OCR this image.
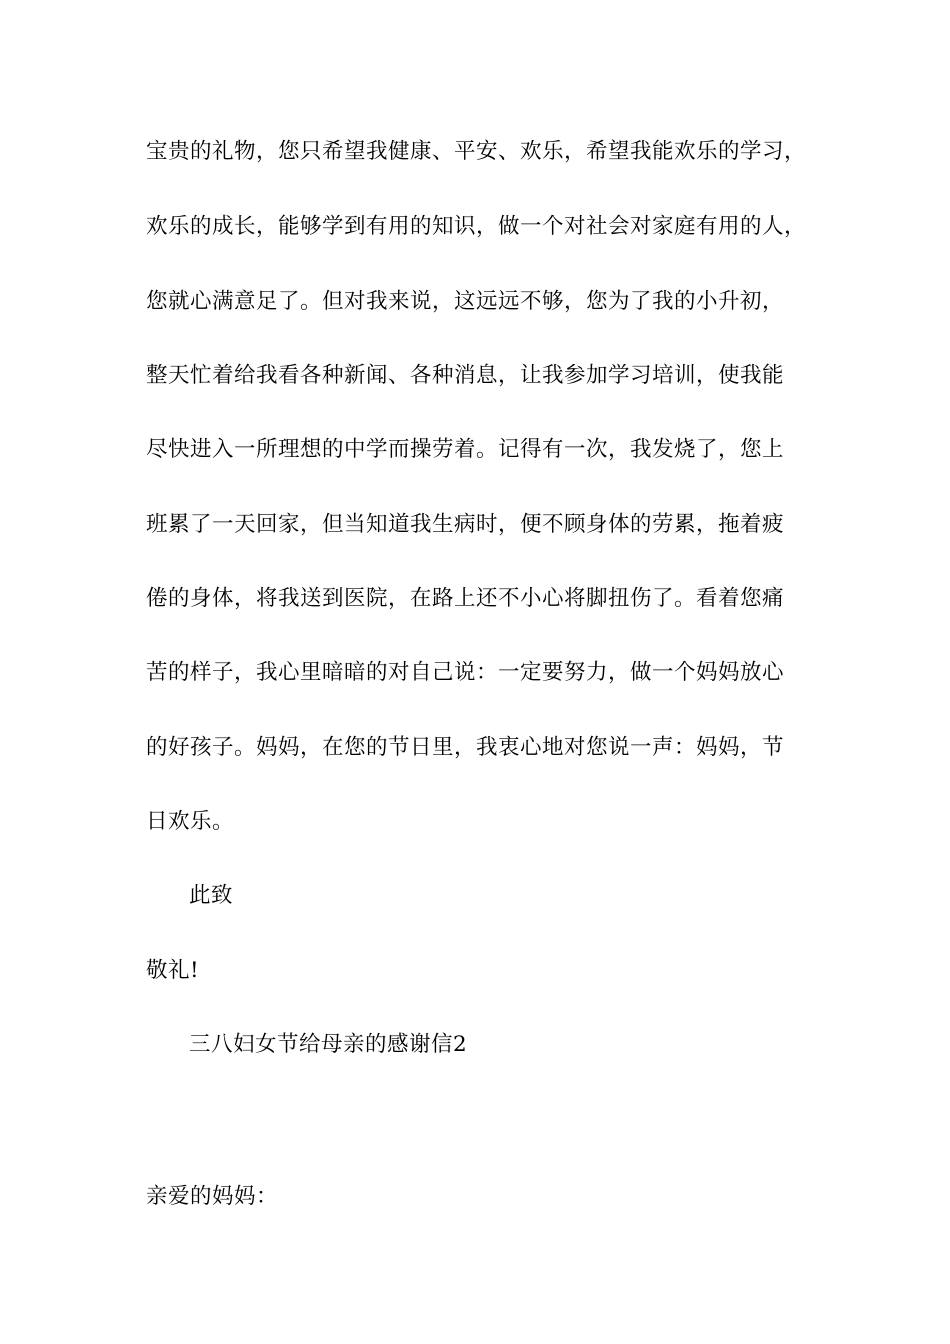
宝贵的礼物，您只希望我健康、平安、欢乐，希望我能欢乐的学习，
欢乐的成长，能够学到有用的知识，做一个对社会对家庭有用的人，
您就心满意足了。但对我来说，这远远不够，您为了我的小升初，
整天忙着给我看各种新闻、各种消息，让我参加学习培训，使我能
尽快进入一所理想的中学而操劳着。记得有一次，我发烧了，您上
班累了一天回家，但当知道我生病时，便不顾身体的劳累，拖着疲
倦的身体，将我送到医院，在路上还不小心将脚扭伤了。看着您痛
苦的样子，我心里暗暗的对自己说：一定要努力，做一个妈妈放心
的好孩子。妈妈，在您的节日里，我衷心地对您说一声：妈妈，节
日欢乐。
此致
敬礼!
三八妇女节给母亲的感谢信2
亲爱的妈妈：
